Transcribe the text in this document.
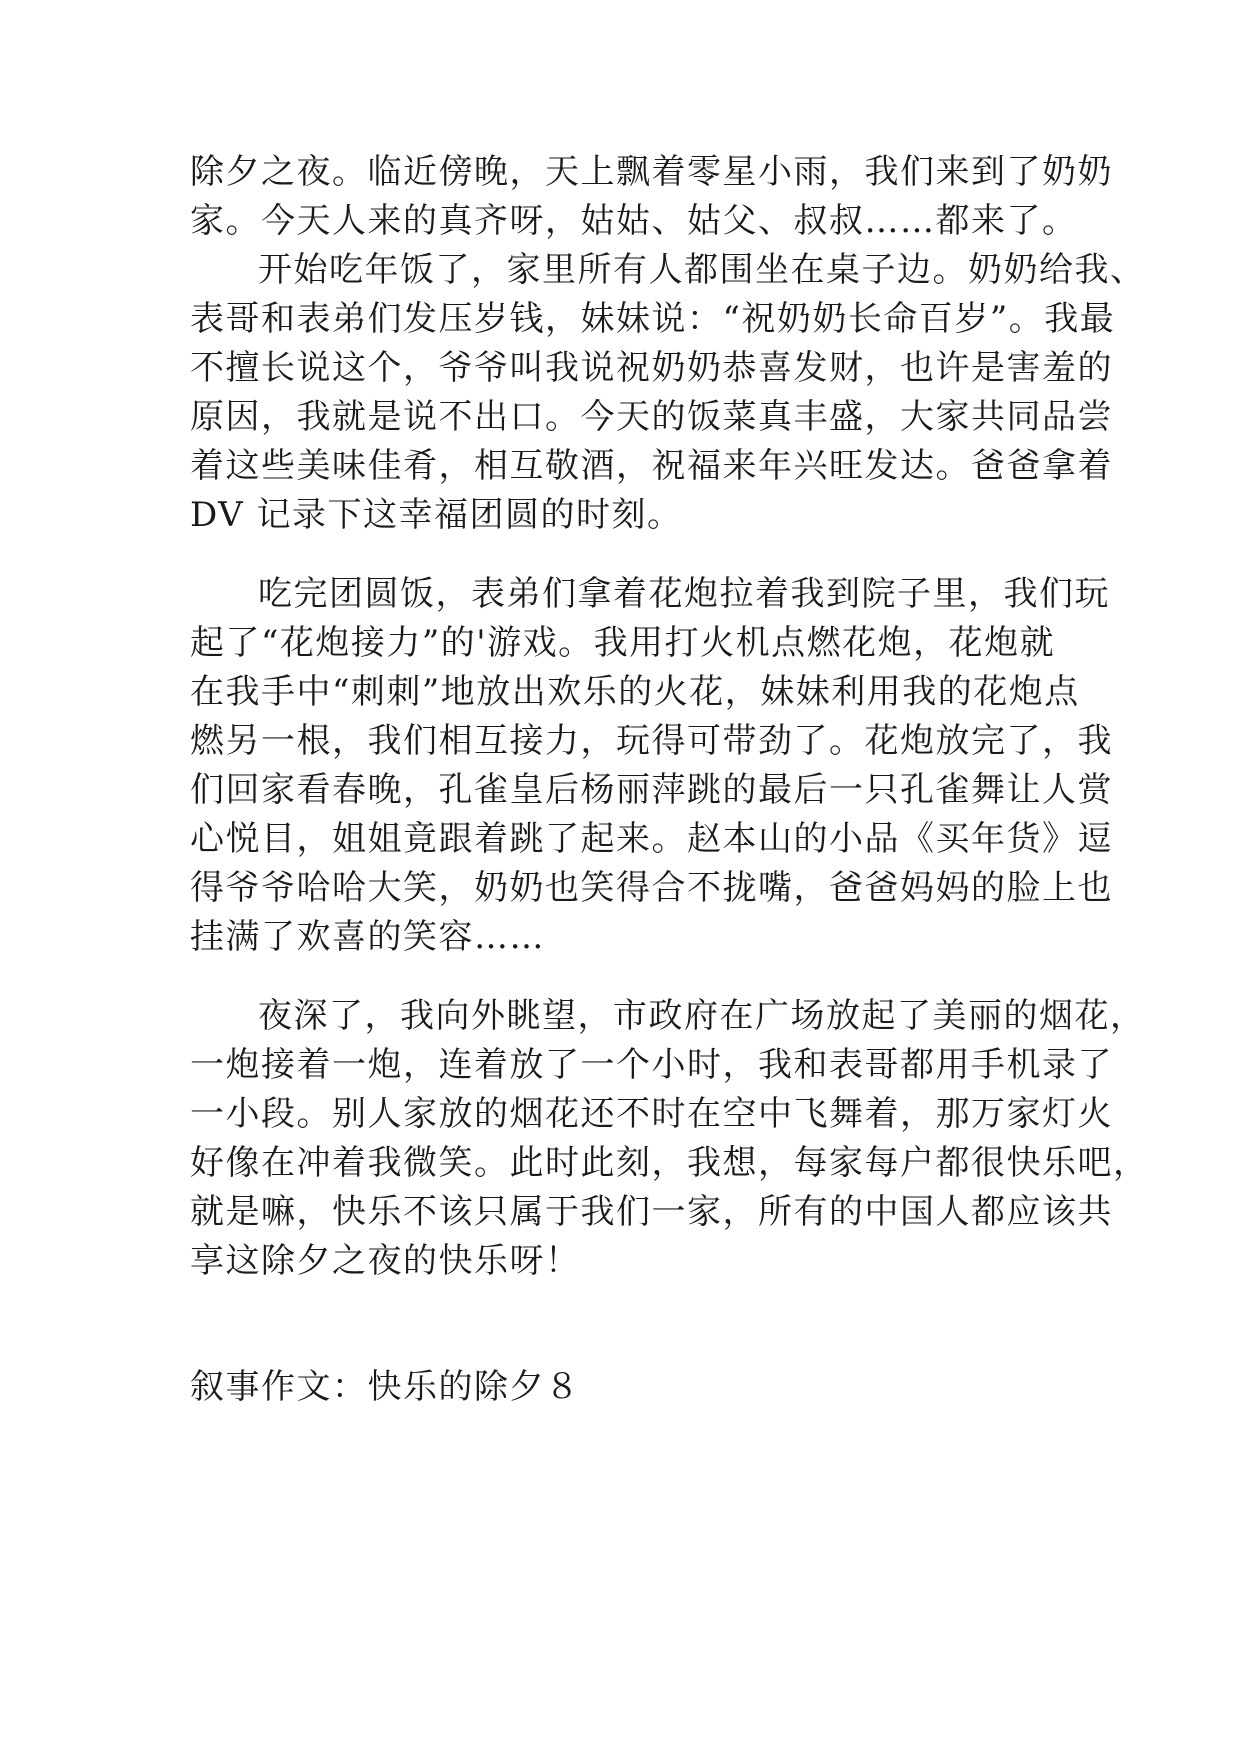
除夕之夜。临近傍晚，天上飘着零星小雨，我们来到了奶奶
家。今天人来的真齐呀，姑姑、姑父、叔叔……都来了。
开始吃年饭了，家里所有人都围坐在桌子边。奶奶给我、
表哥和表弟们发压岁钱，妹妹说：“祝奶奶长命百岁”。我最
不擅长说这个，爷爷叫我说祝奶奶恭喜发财，也许是害羞的
原因，我就是说不出口。今天的饭菜真丰盛，大家共同品尝
着这些美味佳肴，相互敬酒，祝福来年兴旺发达。爸爸拿着
DV 记录下这幸福团圆的时刻。
吃完团圆饭，表弟们拿着花炮拉着我到院子里，我们玩
起了“花炮接力”的'游戏。我用打火机点燃花炮，花炮就
在我手中“刺刺”地放出欢乐的火花，妹妹利用我的花炮点
燃另一根，我们相互接力，玩得可带劲了。花炮放完了，我
们回家看春晚，孔雀皇后杨丽萍跳的最后一只孔雀舞让人赏
心悦目，姐姐竟跟着跳了起来。赵本山的小品《买年货》逗
得爷爷哈哈大笑，奶奶也笑得合不拢嘴，爸爸妈妈的脸上也
挂满了欢喜的笑容……
夜深了，我向外眺望，市政府在广场放起了美丽的烟花，
一炮接着一炮，连着放了一个小时，我和表哥都用手机录了
一小段。别人家放的烟花还不时在空中飞舞着，那万家灯火
好像在冲着我微笑。此时此刻，我想，每家每户都很快乐吧，
就是嘛，快乐不该只属于我们一家，所有的中国人都应该共
享这除夕之夜的快乐呀！
叙事作文：快乐的除夕８
